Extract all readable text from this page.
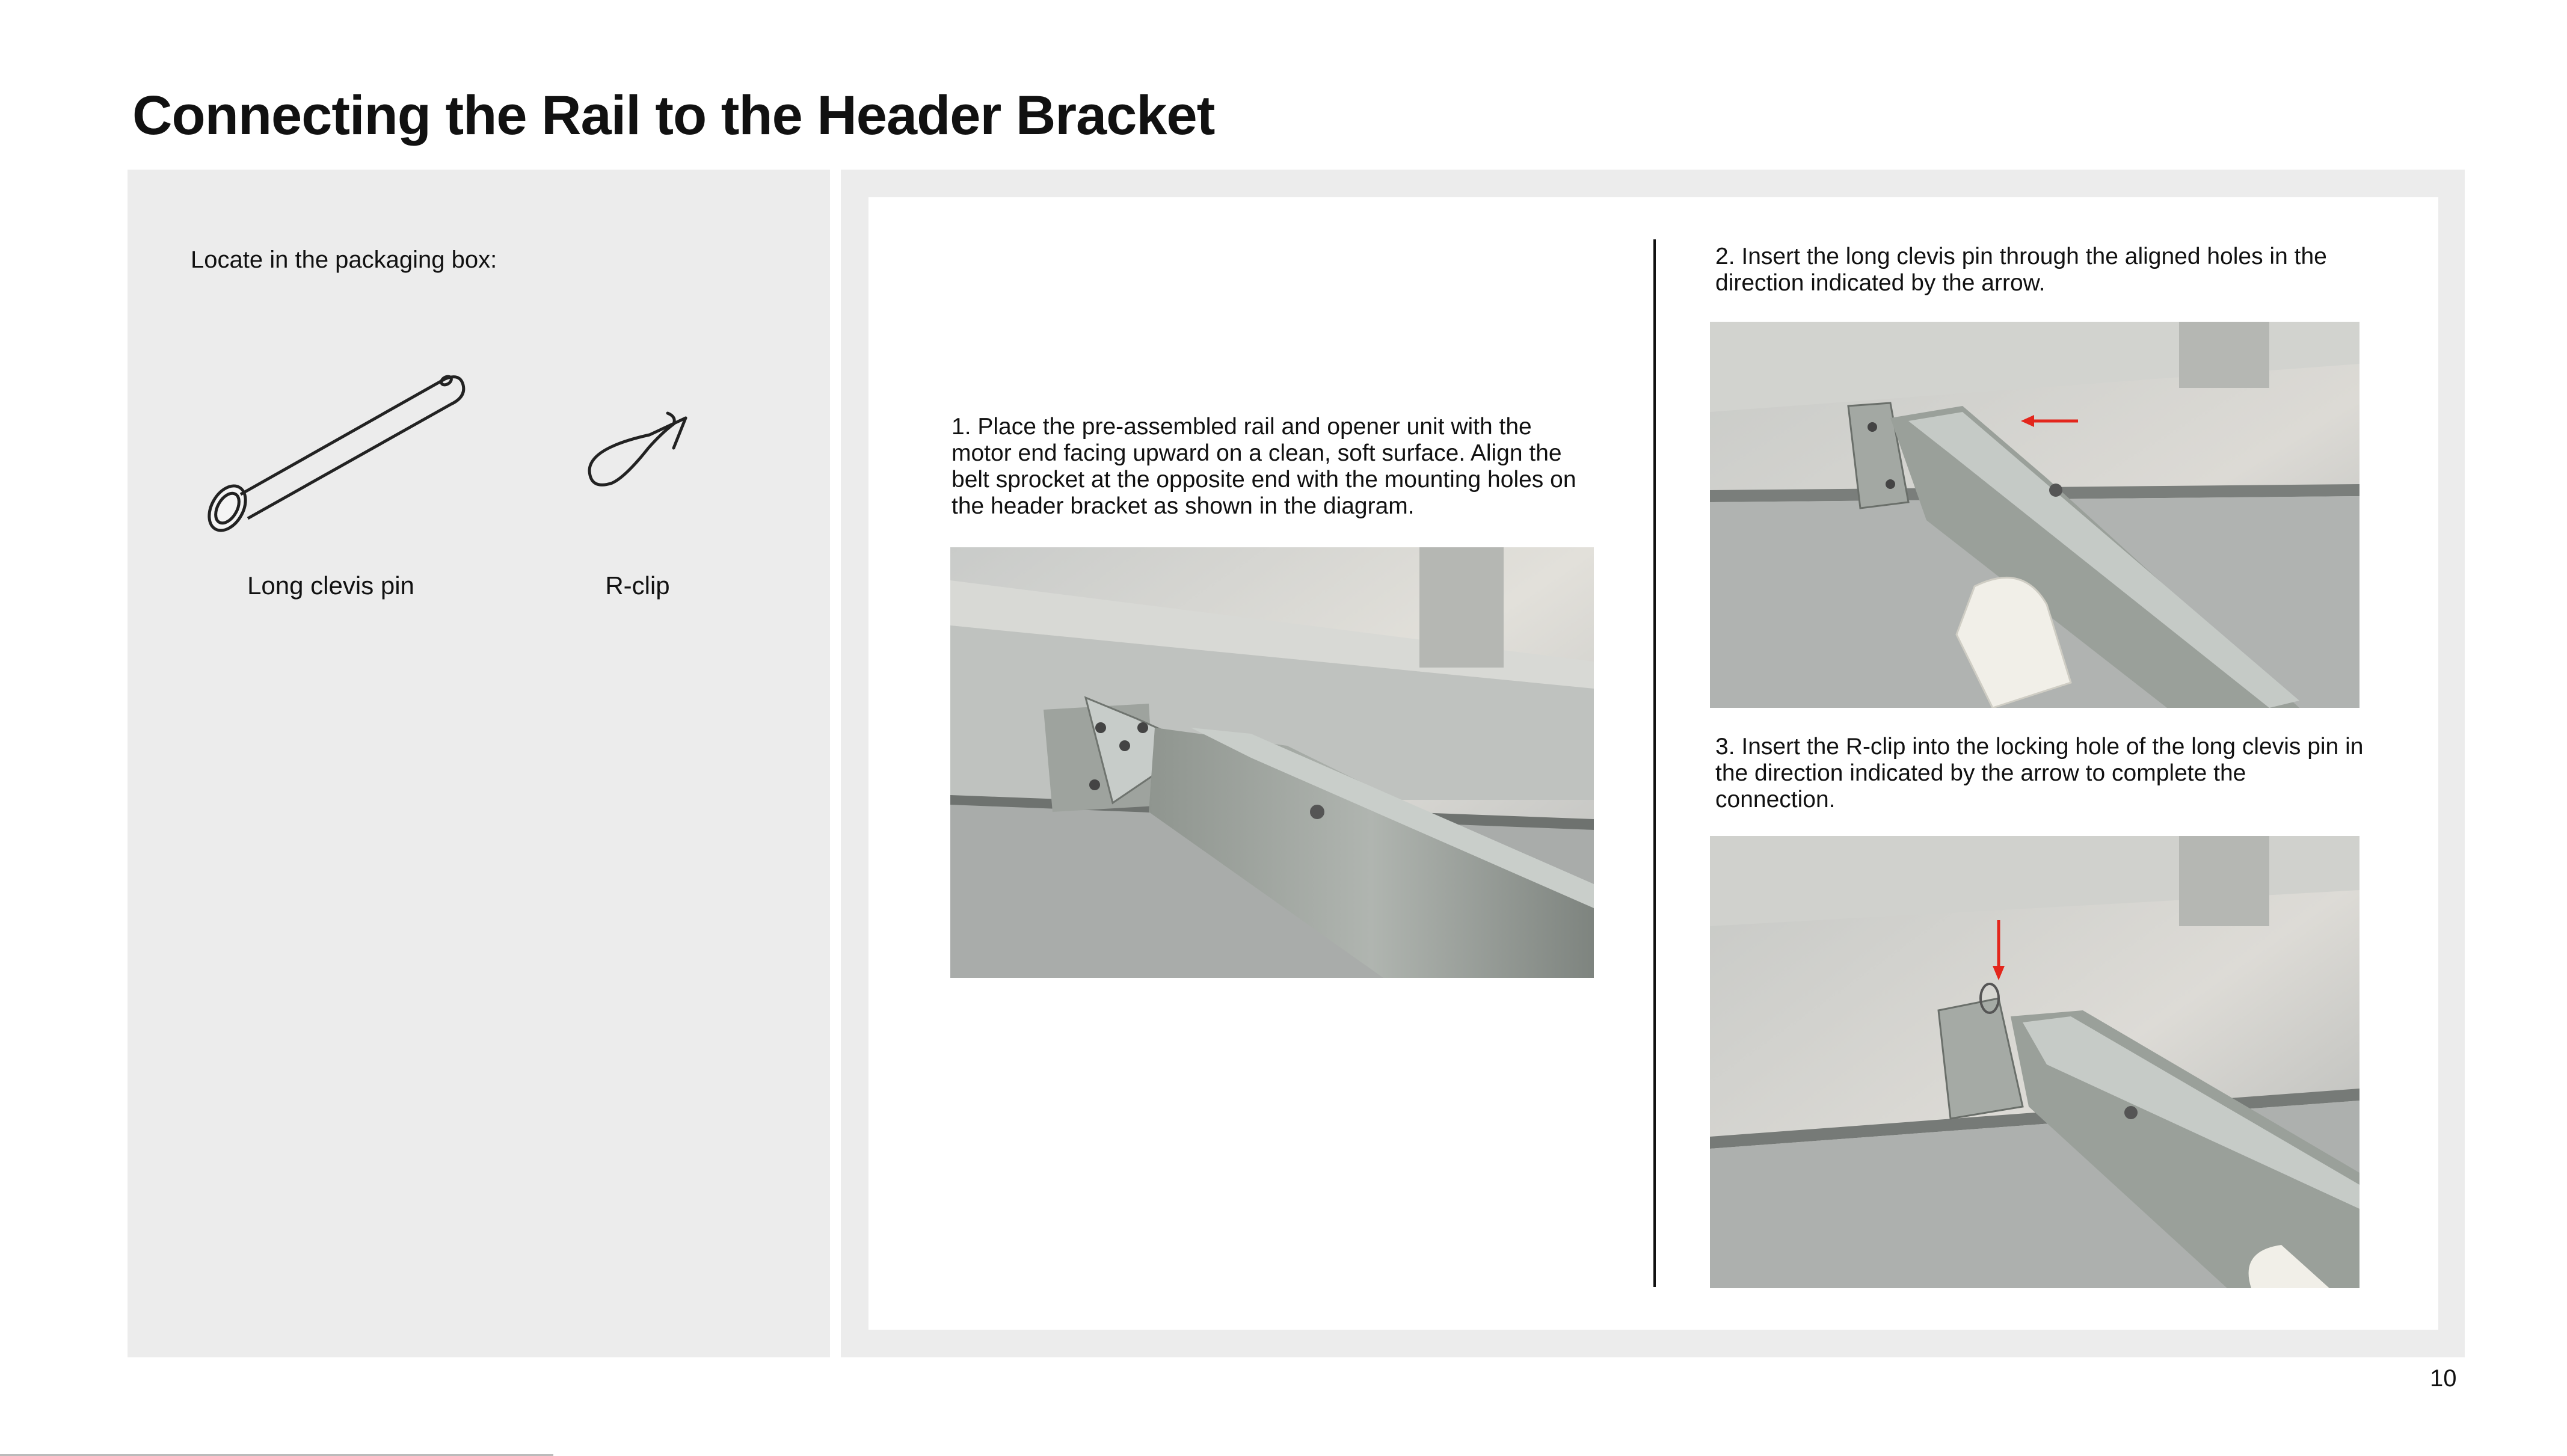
Connecting the Rail to the Header Bracket
Locate in the packaging box:
Long clevis pin	R-clip
1. Place the pre-assembled rail and opener unit with the motor end facing upward on a clean, soft surface. Align the belt sprocket at the opposite end with the mounting holes on the header bracket as shown in the diagram.
2. Insert the long clevis pin through the aligned holes in the direction indicated by the arrow.
3. Insert the R-clip into the locking hole of the long clevis pin in the direction indicated by the arrow to complete the connection.
10
